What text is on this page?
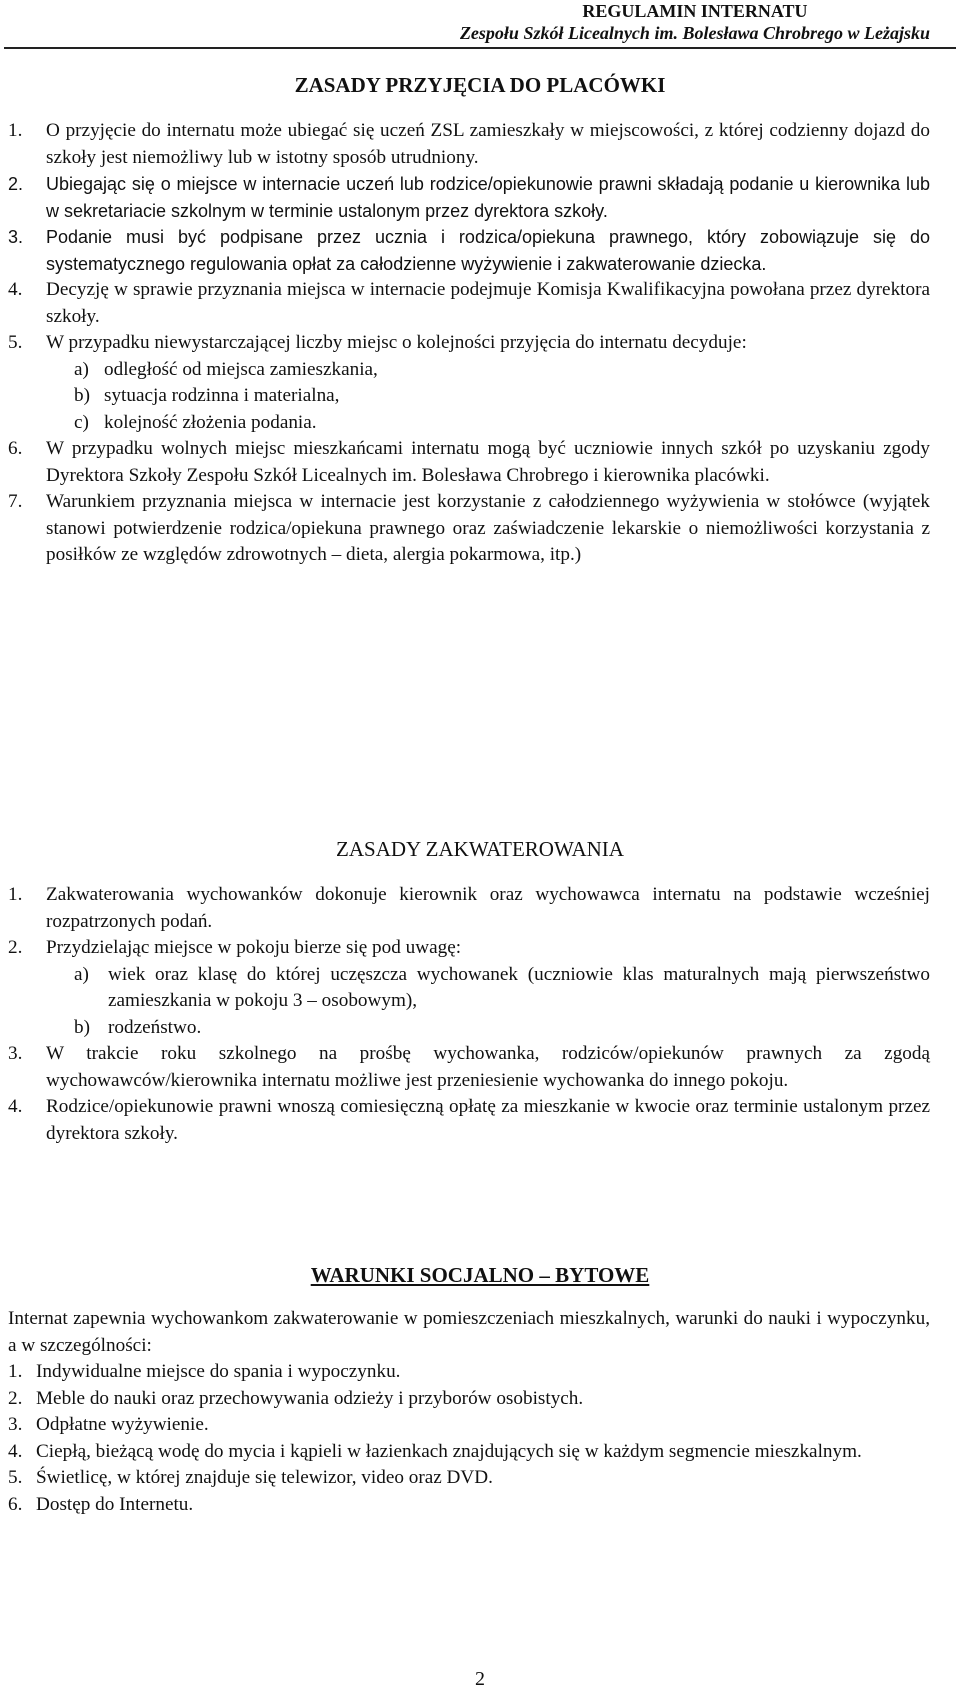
REGULAMIN INTERNATU
Zespołu Szkół Licealnych im. Bolesława Chrobrego w Leżajsku
ZASADY PRZYJĘCIA DO PLACÓWKI
1.	O przyjęcie do internatu może ubiegać się uczeń ZSL zamieszkały w miejscowości, z której codzienny dojazd do szkoły jest niemożliwy lub w istotny sposób utrudniony.
2.	Ubiegając się o miejsce w internacie uczeń lub rodzice/opiekunowie prawni składają podanie u kierownika lub w sekretariacie szkolnym w terminie ustalonym przez dyrektora szkoły.
3.	Podanie musi być podpisane przez ucznia i rodzica/opiekuna prawnego, który zobowiązuje się do systematycznego regulowania opłat za całodzienne wyżywienie i zakwaterowanie dziecka.
4.	Decyzję w sprawie przyznania miejsca w internacie podejmuje Komisja Kwalifikacyjna powołana przez dyrektora szkoły.
5.	W przypadku niewystarczającej liczby miejsc o kolejności przyjęcia do internatu decyduje:
a) odległość od miejsca zamieszkania,
b) sytuacja rodzinna i materialna,
c) kolejność złożenia podania.
6.	W przypadku wolnych miejsc mieszkańcami internatu mogą być uczniowie innych szkół po uzyskaniu zgody Dyrektora Szkoły Zespołu Szkół Licealnych im. Bolesława Chrobrego i kierownika placówki.
7.	Warunkiem przyznania miejsca w internacie jest korzystanie z całodziennego wyżywienia w stołówce (wyjątek stanowi potwierdzenie rodzica/opiekuna prawnego oraz zaświadczenie lekarskie o niemożliwości korzystania z posiłków ze względów zdrowotnych – dieta, alergia pokarmowa, itp.)
ZASADY ZAKWATEROWANIA
1.	Zakwaterowania wychowanków dokonuje kierownik oraz wychowawca internatu na podstawie wcześniej rozpatrzonych podań.
2.	Przydzielając miejsce w pokoju bierze się pod uwagę:
a) wiek oraz klasę do której uczęszcza wychowanek (uczniowie klas maturalnych mają pierwszeństwo zamieszkania w pokoju 3 – osobowym),
b) rodzeństwo.
3.	W trakcie roku szkolnego na prośbę wychowanka, rodziców/opiekunów prawnych za zgodą wychowawców/kierownika internatu możliwe jest przeniesienie wychowanka do innego pokoju.
4.	Rodzice/opiekunowie prawni wnoszą comiesięczną opłatę za mieszkanie w kwocie oraz terminie ustalonym przez dyrektora szkoły.
WARUNKI SOCJALNO – BYTOWE
Internat zapewnia wychowankom zakwaterowanie w pomieszczeniach mieszkalnych, warunki do nauki i wypoczynku, a w szczególności:
1. Indywidualne miejsce do spania i wypoczynku.
2. Meble do nauki oraz przechowywania odzieży i przyborów osobistych.
3. Odpłatne wyżywienie.
4. Ciepłą, bieżącą wodę do mycia i kąpieli w łazienkach znajdujących się w każdym segmencie mieszkalnym.
5. Świetlicę, w której znajduje się telewizor, video oraz DVD.
6. Dostęp do Internetu.
2
